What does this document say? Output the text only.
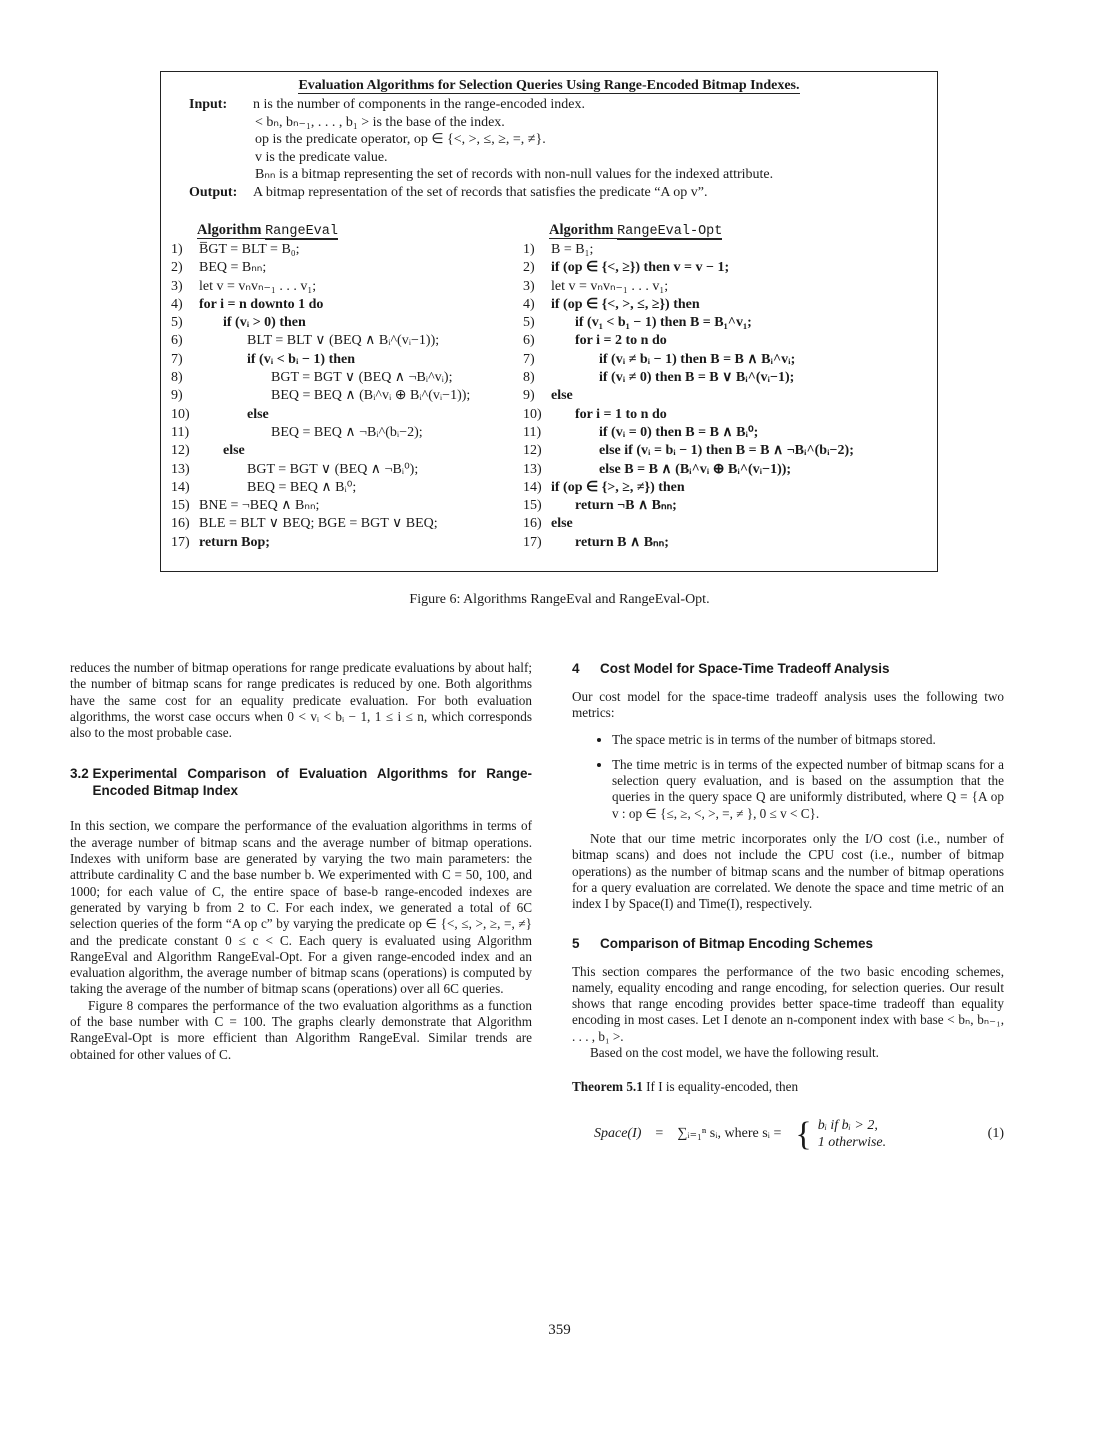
Evaluation Algorithms for Selection Queries Using Range-Encoded Bitmap Indexes.
Input: n is the number of components in the range-encoded index.
< bₙ, bₙ₋₁, . . . , b₁ > is the base of the index.
op is the predicate operator, op ∈ {<, >, ≤, ≥, =, ≠}.
v is the predicate value.
Bₙₙ is a bitmap representing the set of records with non-null values for the indexed attribute.
Output: A bitmap representation of the set of records that satisfies the predicate “A op v”.
Algorithm RangeEval
1) B̅GT = BLT = B₀;
2) BEQ = Bₙₙ;
3) let v = vₙvₙ₋₁ . . . v₁;
4) for i = n downto 1 do
5)	if (vᵢ > 0) then
6)	BLT = BLT ∨ (BEQ ∧ Bᵢ^(vᵢ−1));
7)	if (vᵢ < bᵢ − 1) then
8)	BGT = BGT ∨ (BEQ ∧ ¬Bᵢ^vᵢ);
9)	BEQ = BEQ ∧ (Bᵢ^vᵢ ⊕ Bᵢ^(vᵢ−1));
10)	else
11)	BEQ = BEQ ∧ ¬Bᵢ^(bᵢ−2);
12) else
13)	BGT = BGT ∨ (BEQ ∧ ¬Bᵢ⁰);
14)	BEQ = BEQ ∧ Bᵢ⁰;
15) BNE = ¬BEQ ∧ Bₙₙ;
16) BLE = BLT ∨ BEQ; BGE = BGT ∨ BEQ;
17) return Bop;
Algorithm RangeEval-Opt
1) B = B₁;
2) if (op ∈ {<, ≥}) then v = v − 1;
3) let v = vₙvₙ₋₁ . . . v₁;
4) if (op ∈ {<, >, ≤, ≥}) then
5)	if (v₁ < b₁ − 1) then B = B₁^v₁;
6)	for i = 2 to n do
7)	if (vᵢ ≠ bᵢ − 1) then B = B ∧ Bᵢ^vᵢ;
8)	if (vᵢ ≠ 0) then B = B ∨ Bᵢ^(vᵢ−1);
9) else
10) for i = 1 to n do
11)	if (vᵢ = 0) then B = B ∧ Bᵢ⁰;
12)	else if (vᵢ = bᵢ − 1) then B = B ∧ ¬Bᵢ^(bᵢ−2);
13)	else B = B ∧ (Bᵢ^vᵢ ⊕ Bᵢ^(vᵢ−1));
14) if (op ∈ {>, ≥, ≠}) then
15) return ¬B ∧ Bₙₙ;
16) else
17) return B ∧ Bₙₙ;
Figure 6: Algorithms RangeEval and RangeEval-Opt.

reduces the number of bitmap operations for range predicate evaluations by about half; the number of bitmap scans for range predicates is reduced by one. Both algorithms have the same cost for an equality predicate evaluation. For both evaluation algorithms, the worst case occurs when 0 < vᵢ < bᵢ − 1, 1 ≤ i ≤ n, which corresponds also to the most probable case.

3.2 Experimental Comparison of Evaluation Algorithms for Range-Encoded Bitmap Index

In this section, we compare the performance of the evaluation algorithms in terms of the average number of bitmap scans and the average number of bitmap operations. Indexes with uniform base are generated by varying the two main parameters: the attribute cardinality C and the base number b. We experimented with C = 50, 100, and 1000; for each value of C, the entire space of base-b range-encoded indexes are generated by varying b from 2 to C. For each index, we generated a total of 6C selection queries of the form “A op c” by varying the predicate op ∈ {<, ≤, >, ≥, =, ≠} and the predicate constant 0 ≤ c < C. Each query is evaluated using Algorithm RangeEval and Algorithm RangeEval-Opt. For a given range-encoded index and an evaluation algorithm, the average number of bitmap scans (operations) is computed by taking the average of the number of bitmap scans (operations) over all 6C queries.

Figure 8 compares the performance of the two evaluation algorithms as a function of the base number with C = 100. The graphs clearly demonstrate that Algorithm RangeEval-Opt is more efficient than Algorithm RangeEval. Similar trends are obtained for other values of C.

4 Cost Model for Space-Time Tradeoff Analysis

Our cost model for the space-time tradeoff analysis uses the following two metrics:

• The space metric is in terms of the number of bitmaps stored.
• The time metric is in terms of the expected number of bitmap scans for a selection query evaluation, and is based on the assumption that the queries in the query space Q are uniformly distributed, where Q = {A op v : op ∈ {≤, ≥, <, >, =, ≠ }, 0 ≤ v < C}.

Note that our time metric incorporates only the I/O cost (i.e., number of bitmap scans) and does not include the CPU cost (i.e., number of bitmap operations) as the number of bitmap scans and the number of bitmap operations for a query evaluation are correlated. We denote the space and time metric of an index I by Space(I) and Time(I), respectively.

5 Comparison of Bitmap Encoding Schemes

This section compares the performance of the two basic encoding schemes, namely, equality encoding and range encoding, for selection queries. Our result shows that range encoding provides better space-time tradeoff than equality encoding in most cases. Let I denote an n-component index with base < bₙ, bₙ₋₁, . . . , b₁ >.

Based on the cost model, we have the following result.

Theorem 5.1 If I is equality-encoded, then

Space(I) = ∑ᵢ₌₁ⁿ sᵢ, where sᵢ = { bᵢ if bᵢ > 2,
1 otherwise.
(1)
359
